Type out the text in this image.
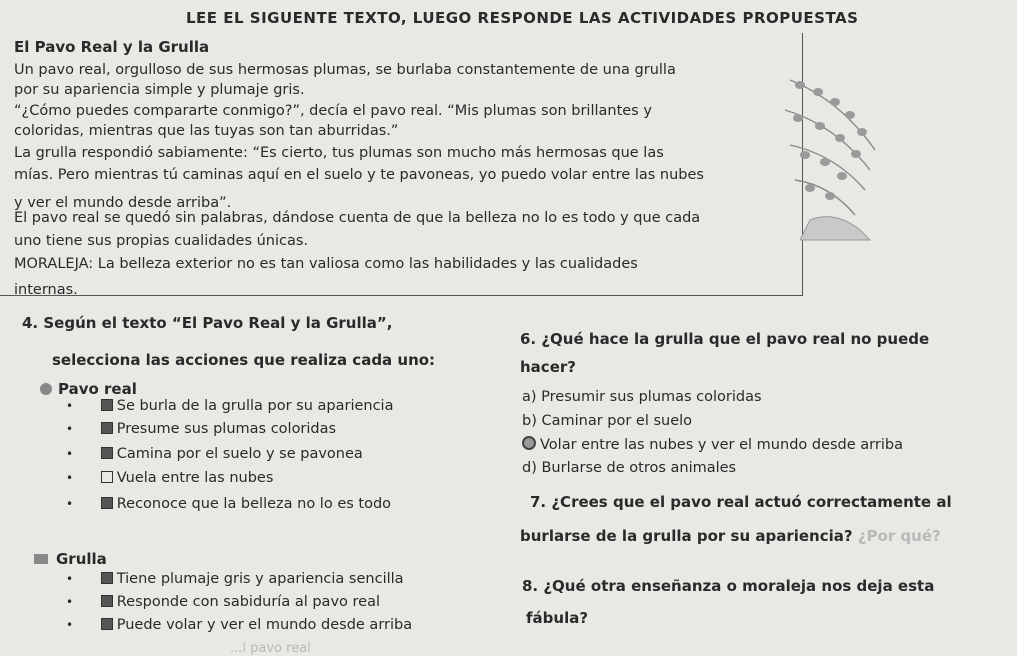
LEE EL SIGUENTE TEXTO, LUEGO RESPONDE LAS ACTIVIDADES PROPUESTAS
El Pavo Real y la Grulla
Un pavo real, orgulloso de sus hermosas plumas, se burlaba constantemente de una grulla
por su apariencia simple y plumaje gris.
“¿Cómo puedes compararte conmigo?”, decía el pavo real. “Mis plumas son brillantes y
coloridas, mientras que las tuyas son tan aburridas.”
La grulla respondió sabiamente: “Es cierto, tus plumas son mucho más hermosas que las
mías. Pero mientras tú caminas aquí en el suelo y te pavoneas, yo puedo volar entre las nubes
y ver el mundo desde arriba”.
El pavo real se quedó sin palabras, dándose cuenta de que la belleza no lo es todo y que cada
uno tiene sus propias cualidades únicas.
MORALEJA: La belleza exterior no es tan valiosa como las habilidades y las cualidades
internas.
4. Según el texto “El Pavo Real y la Grulla”,
selecciona las acciones que realiza cada uno:
Pavo real
•	Se burla de la grulla por su apariencia
•	Presume sus plumas coloridas
•	Camina por el suelo y se pavonea
•	Vuela entre las nubes
•	Reconoce que la belleza no lo es todo
Grulla
•	Tiene plumaje gris y apariencia sencilla
•	Responde con sabiduría al pavo real
•	Puede volar y ver el mundo desde arriba
...l pavo real
6. ¿Qué hace la grulla que el pavo real no puede
hacer?
a) Presumir sus plumas coloridas
b) Caminar por el suelo
Volar entre las nubes y ver el mundo desde arriba
d) Burlarse de otros animales
7. ¿Crees que el pavo real actuó correctamente al
burlarse de la grulla por su apariencia? ¿Por qué?
8. ¿Qué otra enseñanza o moraleja nos deja esta
fábula?
